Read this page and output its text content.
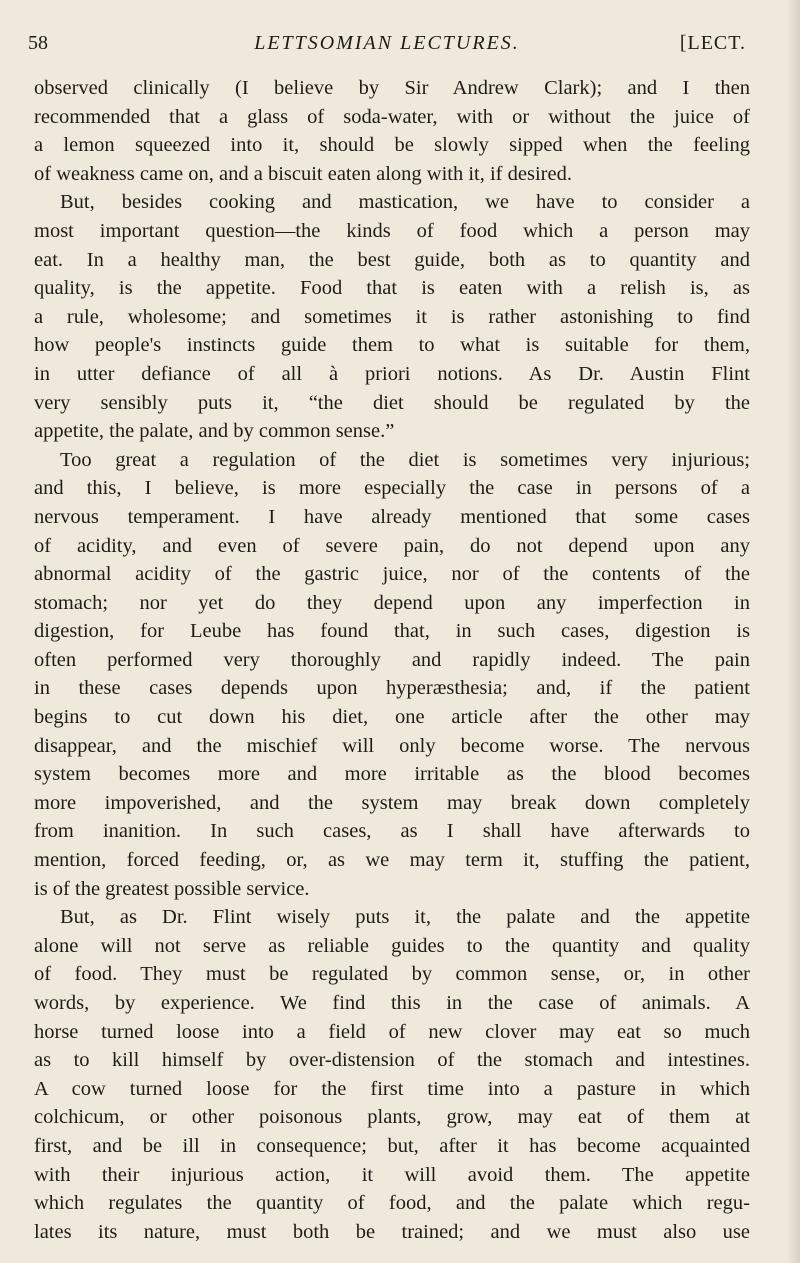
58	LETTSOMIAN LECTURES.	[LECT.
observed clinically (I believe by Sir Andrew Clark); and I then
recommended that a glass of soda-water, with or without the juice of
a lemon squeezed into it, should be slowly sipped when the feeling
of weakness came on, and a biscuit eaten along with it, if desired.
But, besides cooking and mastication, we have to consider a
most important question—the kinds of food which a person may
eat. In a healthy man, the best guide, both as to quantity and
quality, is the appetite. Food that is eaten with a relish is, as
a rule, wholesome; and sometimes it is rather astonishing to find
how people's instincts guide them to what is suitable for them,
in utter defiance of all à priori notions. As Dr. Austin Flint
very sensibly puts it, “the diet should be regulated by the
appetite, the palate, and by common sense.”
Too great a regulation of the diet is sometimes very injurious;
and this, I believe, is more especially the case in persons of a
nervous temperament. I have already mentioned that some cases
of acidity, and even of severe pain, do not depend upon any
abnormal acidity of the gastric juice, nor of the contents of the
stomach; nor yet do they depend upon any imperfection in
digestion, for Leube has found that, in such cases, digestion is
often performed very thoroughly and rapidly indeed. The pain
in these cases depends upon hyperæsthesia; and, if the patient
begins to cut down his diet, one article after the other may
disappear, and the mischief will only become worse. The nervous
system becomes more and more irritable as the blood becomes
more impoverished, and the system may break down completely
from inanition. In such cases, as I shall have afterwards to
mention, forced feeding, or, as we may term it, stuffing the patient,
is of the greatest possible service.
But, as Dr. Flint wisely puts it, the palate and the appetite
alone will not serve as reliable guides to the quantity and quality
of food. They must be regulated by common sense, or, in other
words, by experience. We find this in the case of animals. A
horse turned loose into a field of new clover may eat so much
as to kill himself by over-distension of the stomach and intestines.
A cow turned loose for the first time into a pasture in which
colchicum, or other poisonous plants, grow, may eat of them at
first, and be ill in consequence; but, after it has become acquainted
with their injurious action, it will avoid them. The appetite
which regulates the quantity of food, and the palate which regu-
lates its nature, must both be trained; and we must also use
